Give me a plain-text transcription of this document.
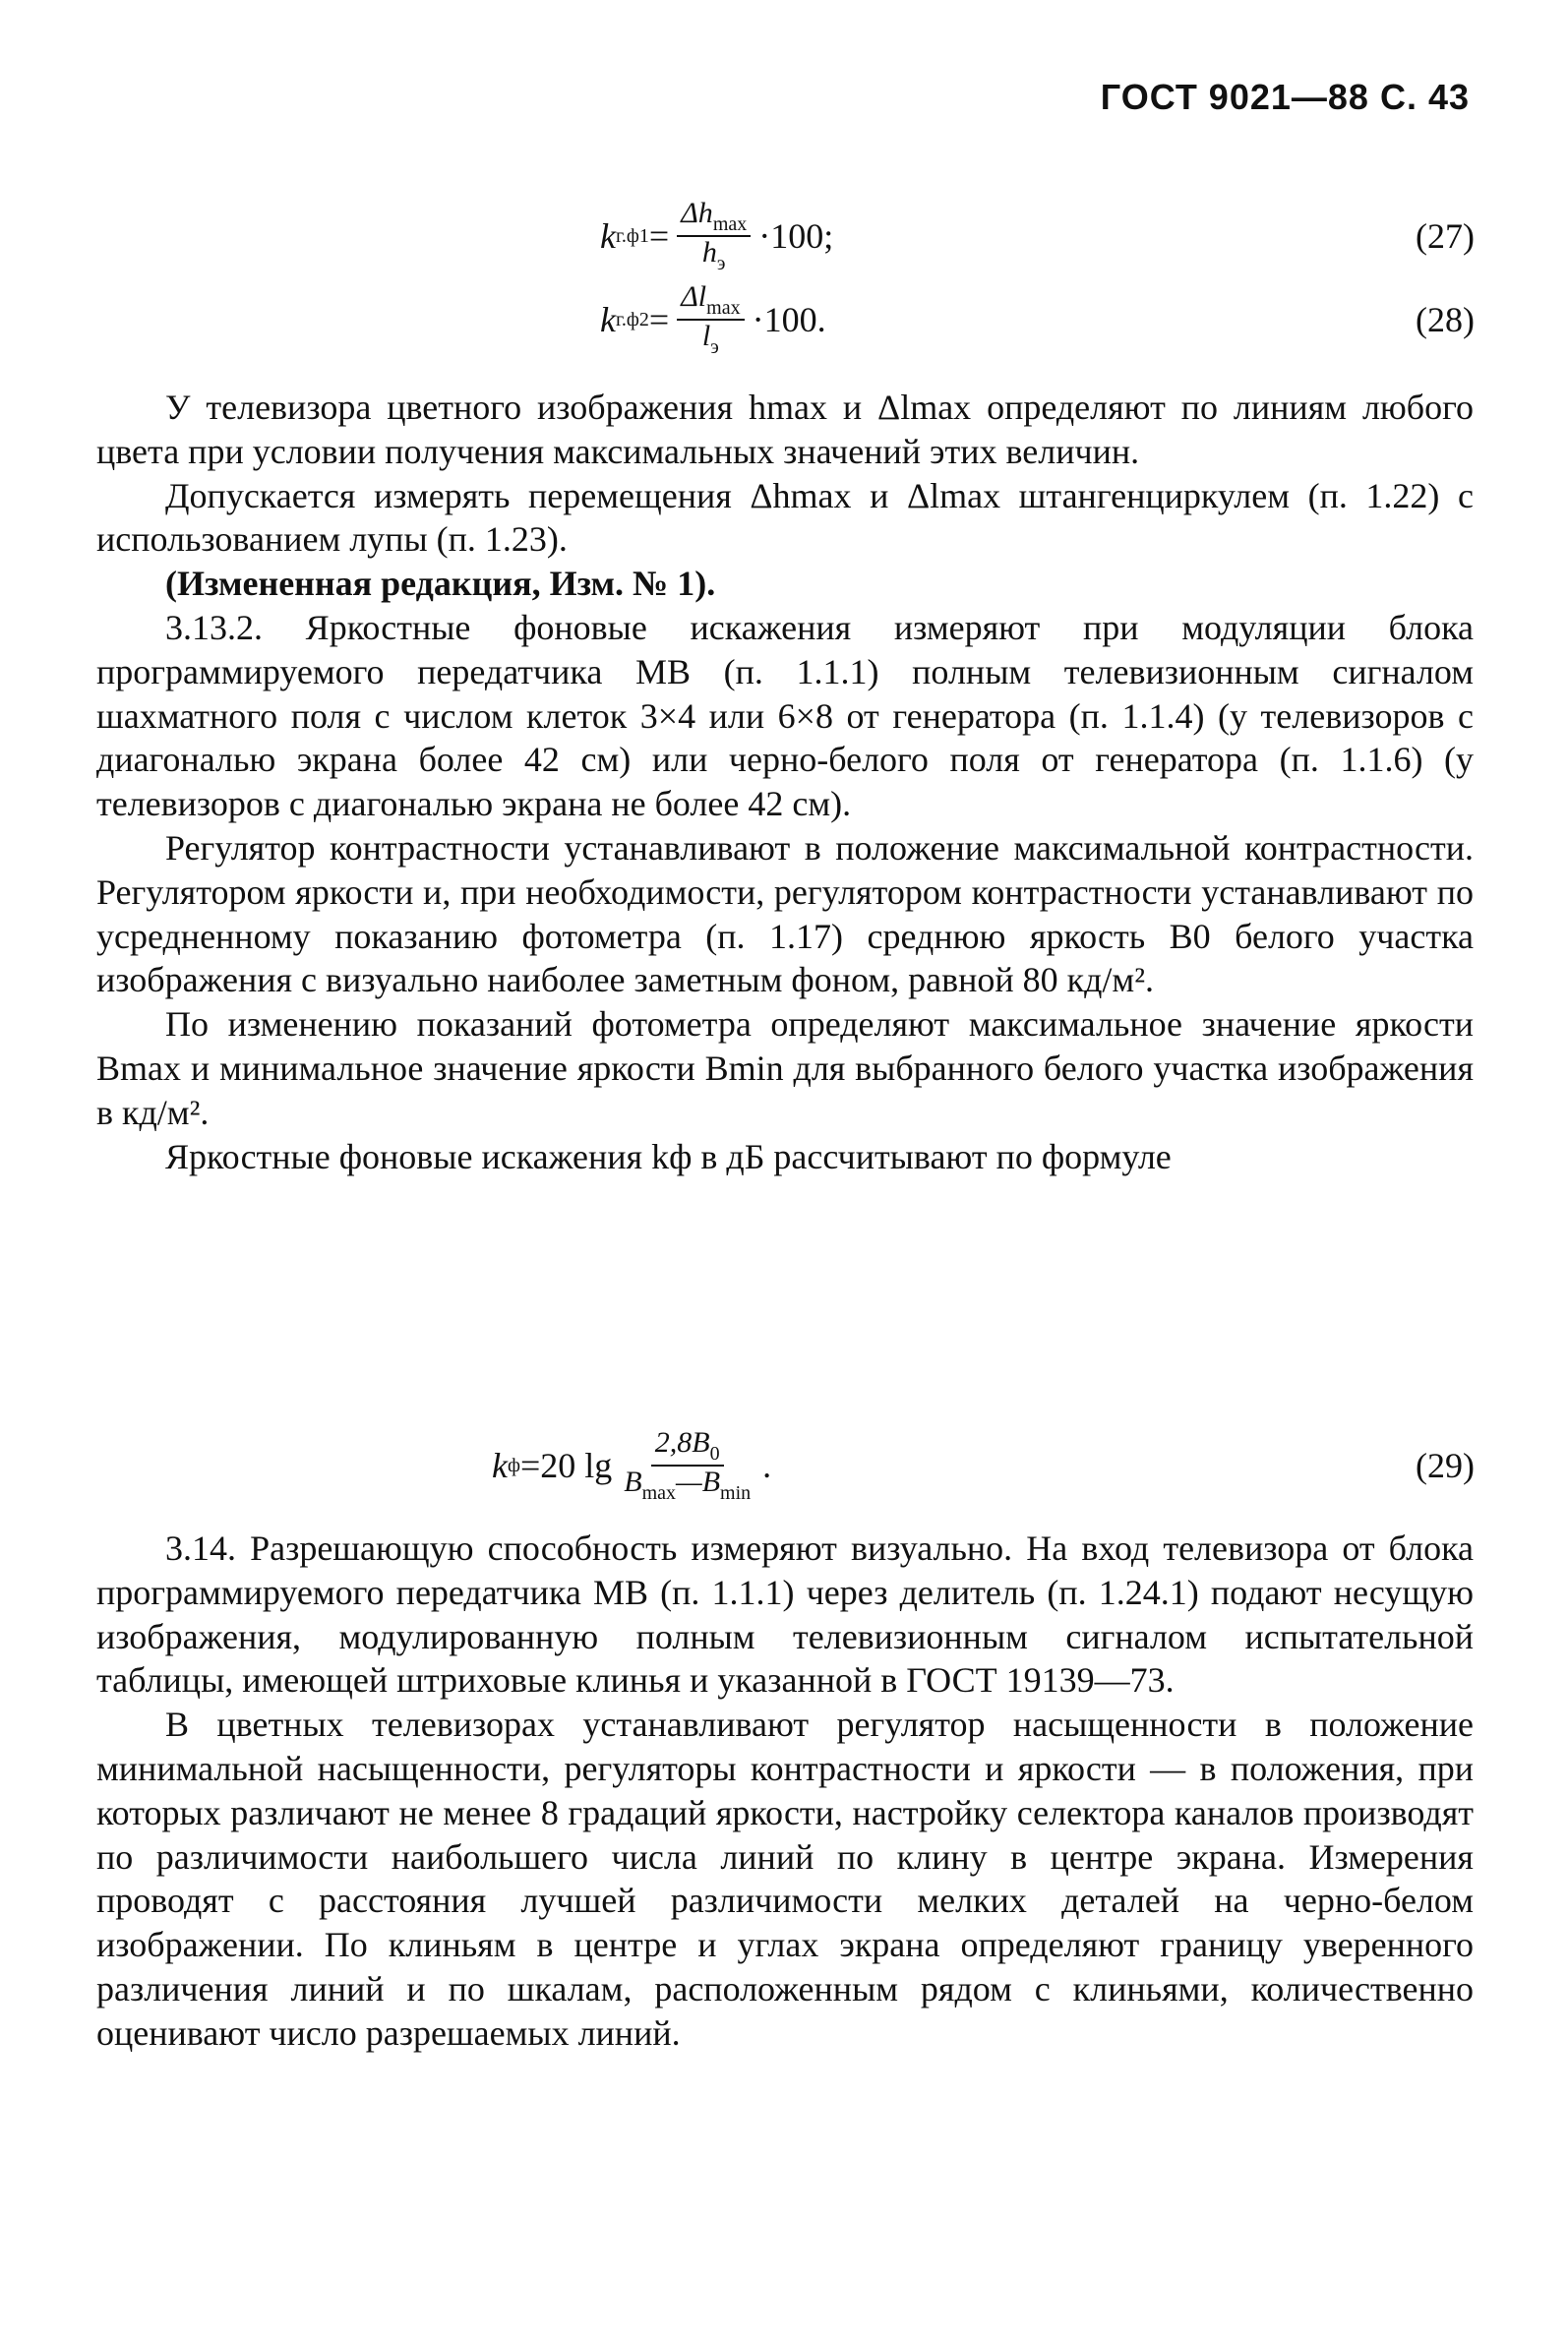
ГОСТ 9021—88 С. 43
k $г.ф1 = \frac{\Delta h_{max}}{h_э} \cdot 100$;	(27)
k $г.ф2 = \frac{\Delta l_{max}}{l_э} \cdot 100$.	(28)

У телевизора цветного изображения hmax и Δlmax определяют по линиям любого цвета при условии получения максимальных значений этих величин.

Допускается измерять перемещения Δhmax и Δlmax штангенциркулем (п. 1.22) с использованием лупы (п. 1.23).

(Измененная редакция, Изм. № 1).

3.13.2. Яркостные фоновые искажения измеряют при модуляции блока программируемого передатчика МВ (п. 1.1.1) полным телевизионным сигналом шахматного поля с числом клеток 3×4 или 6×8 от генератора (п. 1.1.4) (у телевизоров с диагональю экрана более 42 см) или черно-белого поля от генератора (п. 1.1.6) (у телевизоров с диагональю экрана не более 42 см).

Регулятор контрастности устанавливают в положение максимальной контрастности. Регулятором яркости и, при необходимости, регулятором контрастности устанавливают по усредненному показанию фотометра (п. 1.17) среднюю яркость B0 белого участка изображения с визуально наиболее заметным фоном, равной 80 кд/м².

По изменению показаний фотометра определяют максимальное значение яркости Bmax и минимальное значение яркости Bmin для выбранного белого участка изображения в кд/м².

Яркостные фоновые искажения kф в дБ рассчитывают по формуле

k ф =20 $\lg \frac{2,8B_0}{B_{max}—B_{min}}$ .	(29)

3.14. Разрешающую способность измеряют визуально. На вход телевизора от блока программируемого передатчика МВ (п. 1.1.1) через делитель (п. 1.24.1) подают несущую изображения, модулированную полным телевизионным сигналом испытательной таблицы, имеющей штриховые клинья и указанной в ГОСТ 19139—73.

В цветных телевизорах устанавливают регулятор насыщенности в положение минимальной насыщенности, регуляторы контрастности и яркости — в положения, при которых различают не менее 8 градаций яркости, настройку селектора каналов производят по различимости наибольшего числа линий по клину в центре экрана. Измерения проводят с расстояния лучшей различимости мелких деталей на черно-белом изображении. По клиньям в центре и углах экрана определяют границу уверенного различения линий и по шкалам, расположенным рядом с клиньями, количественно оценивают число разрешаемых линий.
